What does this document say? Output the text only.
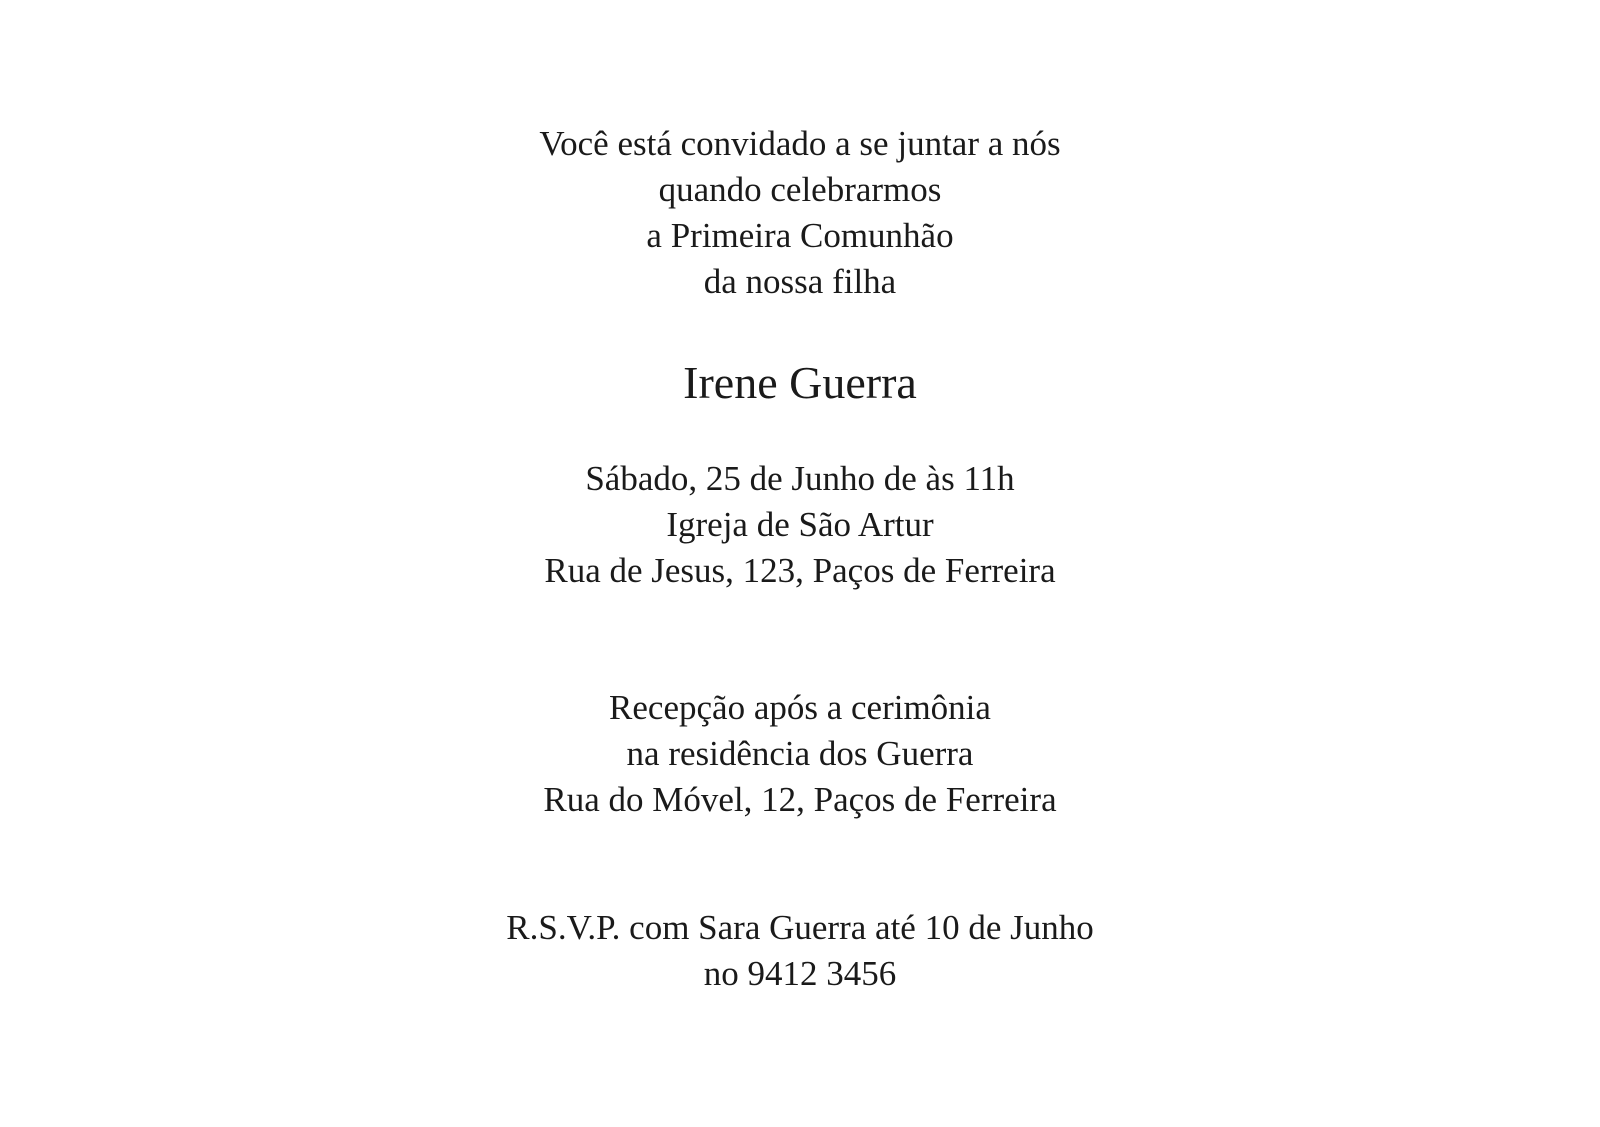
Você está convidado a se juntar a nós
quando celebrarmos
a Primeira Comunhão
da nossa filha
Irene Guerra
Sábado, 25 de Junho de às 11h
Igreja de São Artur
Rua de Jesus, 123, Paços de Ferreira
Recepção após a cerimônia
na residência dos Guerra
Rua do Móvel, 12, Paços de Ferreira
R.S.V.P. com Sara Guerra até 10 de Junho
no 9412 3456
